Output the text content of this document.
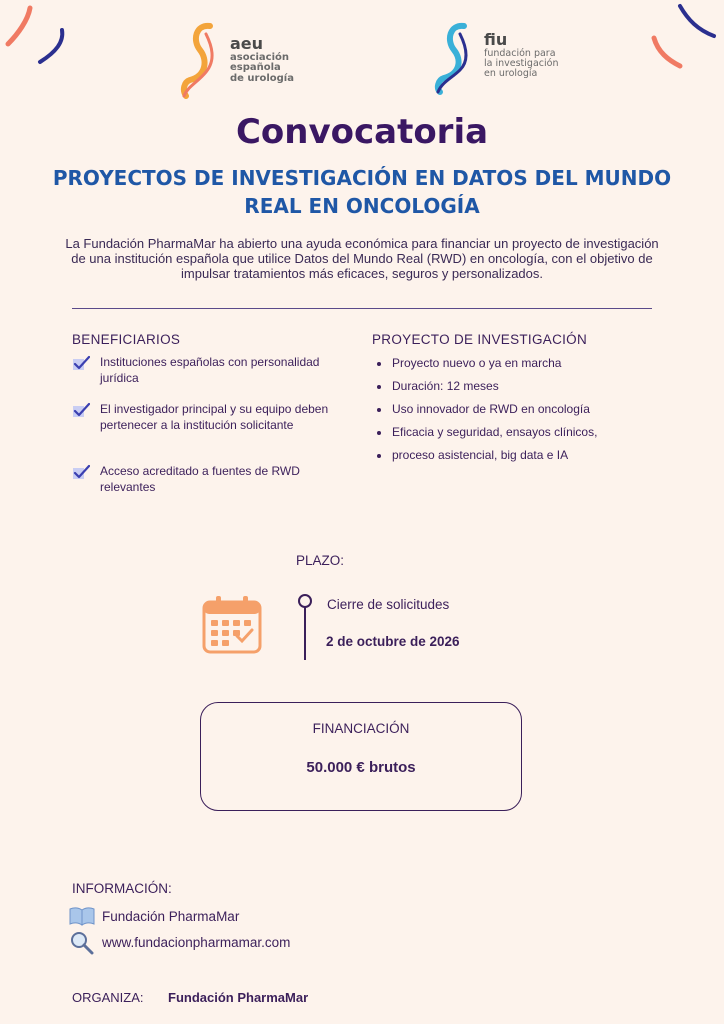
aeu
asociación
española
de urología
fiu
fundación para
la investigación
en urología
Convocatoria
PROYECTOS DE INVESTIGACIÓN EN DATOS DEL MUNDO REAL EN ONCOLOGÍA
La Fundación PharmaMar ha abierto una ayuda económica para financiar un proyecto de investigación de una institución española que utilice Datos del Mundo Real (RWD) en oncología, con el objetivo de impulsar tratamientos más eficaces, seguros y personalizados.
BENEFICIARIOS
Instituciones españolas con personalidad jurídica
El investigador principal y su equipo deben pertenecer a la institución solicitante
Acceso acreditado a fuentes de RWD relevantes
PROYECTO DE INVESTIGACIÓN
Proyecto nuevo o ya en marcha
Duración: 12 meses
Uso innovador de RWD en oncología
Eficacia y seguridad, ensayos clínicos,
proceso asistencial, big data e IA
PLAZO:
Cierre de solicitudes
2 de octubre de 2026
FINANCIACIÓN
50.000 € brutos
INFORMACIÓN:
Fundación PharmaMar
www.fundacionpharmamar.com
ORGANIZA: Fundación PharmaMar
